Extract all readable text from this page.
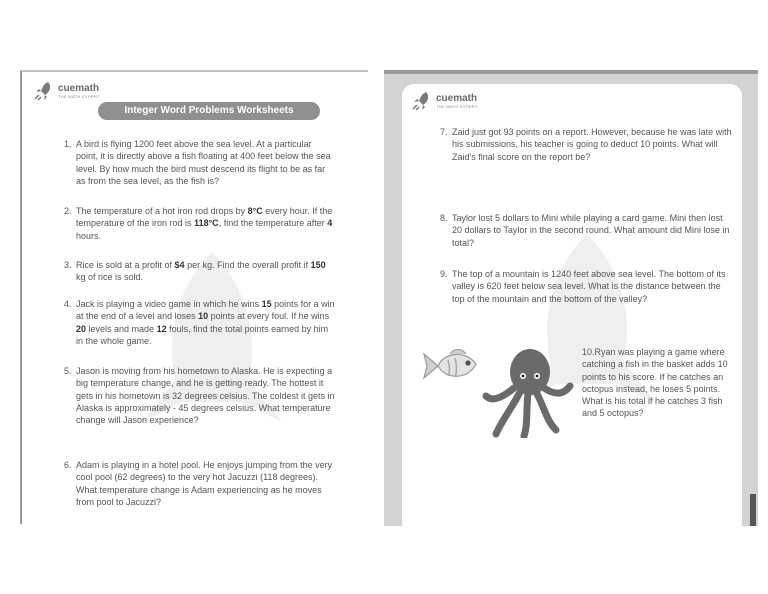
cuemath
THE MATH EXPERT
Integer Word Problems Worksheets
1. A bird is flying 1200 feet above the sea level. At a particular point, it is directly above a fish floating at 400 feet below the sea level. By how much the bird must descend its flight to be as far as from the sea level, as the fish is?
2. The temperature of a hot iron rod drops by 8°C every hour. If the temperature of the iron rod is 118°C, find the temperature after 4 hours.
3. Rice is sold at a profit of $4 per kg. Find the overall profit if 150 kg of rice is sold.
4. Jack is playing a video game in which he wins 15 points for a win at the end of a level and loses 10 points at every foul. If he wins 20 levels and made 12 fouls, find the total points earned by him in the whole game.
5. Jason is moving from his hometown to Alaska. He is expecting a big temperature change, and he is getting ready. The hottest it gets in his hometown is 32 degrees celsius. The coldest it gets in Alaska is approximately - 45 degrees celsius. What temperature change will Jason experience?
6. Adam is playing in a hotel pool. He enjoys jumping from the very cool pool (62 degrees) to the very hot Jacuzzi (118 degrees). What temperature change is Adam experiencing as he moves from pool to Jacuzzi?
cuemath
THE MATH EXPERT
7. Zaid just got 93 points on a report. However, because he was late with his submissions, his teacher is going to deduct 10 points. What will Zaid's final score on the report be?
8. Taylor lost 5 dollars to Mini while playing a card game. Mini then lost 20 dollars to Taylor in the second round. What amount did Mini lose in total?
9. The top of a mountain is 1240 feet above sea level. The bottom of its valley is 620 feet below sea level. What is the distance between the top of the mountain and the bottom of the valley?
10.Ryan was playing a game where catching a fish in the basket adds 10 points to his score. If he catches an octopus instead, he loses 5 points. What is his total if he catches 3 fish and 5 octopus?
